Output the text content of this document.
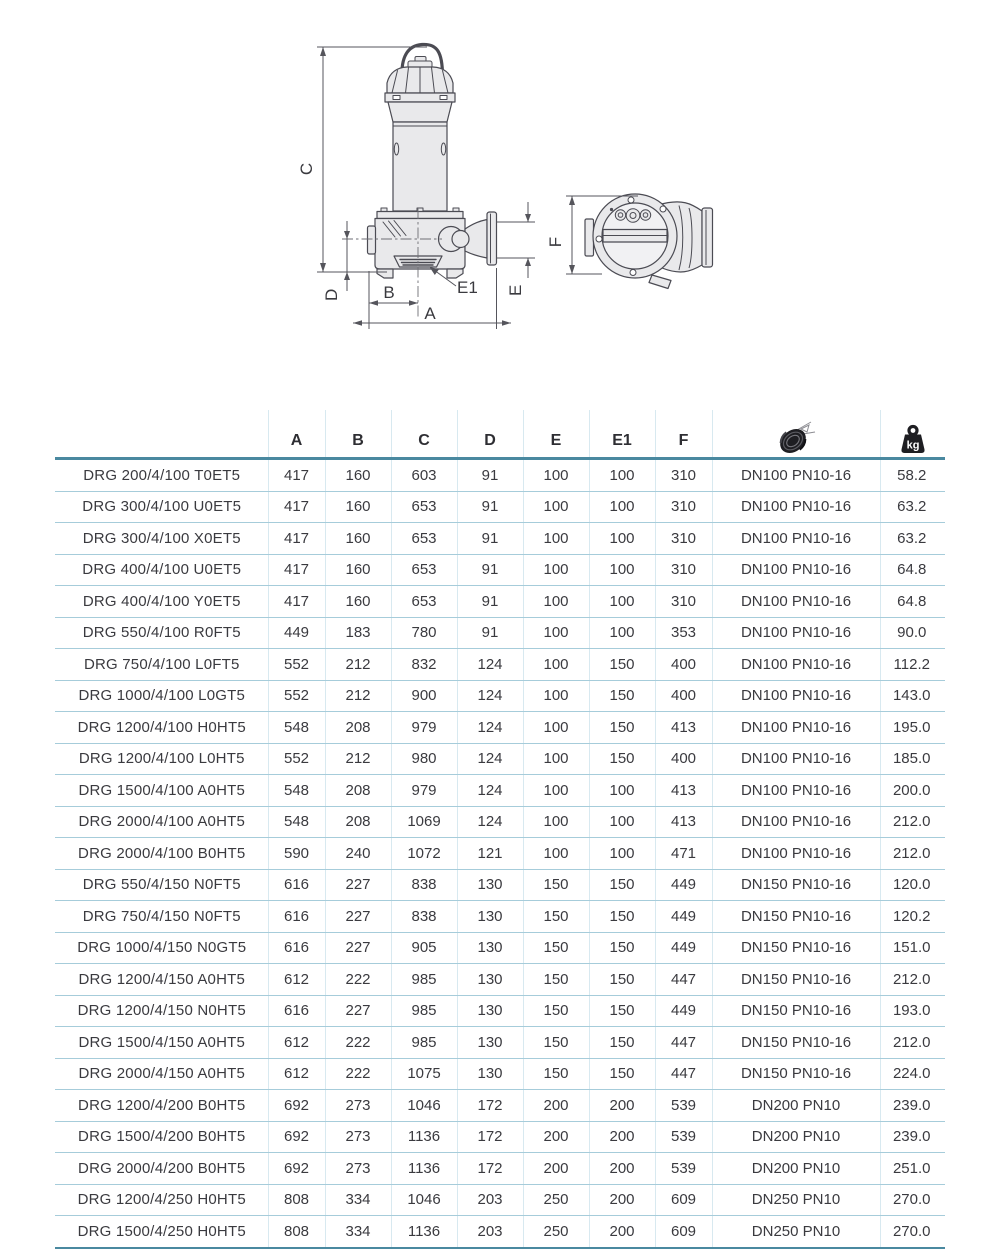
C
D B
A
E
E1
F
	A	B	C	D	E	E1	F		kg

DRG 200/4/100 T0ET5	417	160	603	91	100	100	310	DN100 PN10-16	58.2
DRG 300/4/100 U0ET5	417	160	653	91	100	100	310	DN100 PN10-16	63.2
DRG 300/4/100 X0ET5	417	160	653	91	100	100	310	DN100 PN10-16	63.2
DRG 400/4/100 U0ET5	417	160	653	91	100	100	310	DN100 PN10-16	64.8
DRG 400/4/100 Y0ET5	417	160	653	91	100	100	310	DN100 PN10-16	64.8
DRG 550/4/100 R0FT5	449	183	780	91	100	100	353	DN100 PN10-16	90.0
DRG 750/4/100 L0FT5	552	212	832	124	100	150	400	DN100 PN10-16	112.2
DRG 1000/4/100 L0GT5	552	212	900	124	100	150	400	DN100 PN10-16	143.0
DRG 1200/4/100 H0HT5	548	208	979	124	100	150	413	DN100 PN10-16	195.0
DRG 1200/4/100 L0HT5	552	212	980	124	100	150	400	DN100 PN10-16	185.0
DRG 1500/4/100 A0HT5	548	208	979	124	100	100	413	DN100 PN10-16	200.0
DRG 2000/4/100 A0HT5	548	208	1069	124	100	100	413	DN100 PN10-16	212.0
DRG 2000/4/100 B0HT5	590	240	1072	121	100	100	471	DN100 PN10-16	212.0
DRG 550/4/150 N0FT5	616	227	838	130	150	150	449	DN150 PN10-16	120.0
DRG 750/4/150 N0FT5	616	227	838	130	150	150	449	DN150 PN10-16	120.2
DRG 1000/4/150 N0GT5	616	227	905	130	150	150	449	DN150 PN10-16	151.0
DRG 1200/4/150 A0HT5	612	222	985	130	150	150	447	DN150 PN10-16	212.0
DRG 1200/4/150 N0HT5	616	227	985	130	150	150	449	DN150 PN10-16	193.0
DRG 1500/4/150 A0HT5	612	222	985	130	150	150	447	DN150 PN10-16	212.0
DRG 2000/4/150 A0HT5	612	222	1075	130	150	150	447	DN150 PN10-16	224.0
DRG 1200/4/200 B0HT5	692	273	1046	172	200	200	539	DN200 PN10	239.0
DRG 1500/4/200 B0HT5	692	273	1136	172	200	200	539	DN200 PN10	239.0
DRG 2000/4/200 B0HT5	692	273	1136	172	200	200	539	DN200 PN10	251.0
DRG 1200/4/250 H0HT5	808	334	1046	203	250	200	609	DN250 PN10	270.0
DRG 1500/4/250 H0HT5	808	334	1136	203	250	200	609	DN250 PN10	270.0
